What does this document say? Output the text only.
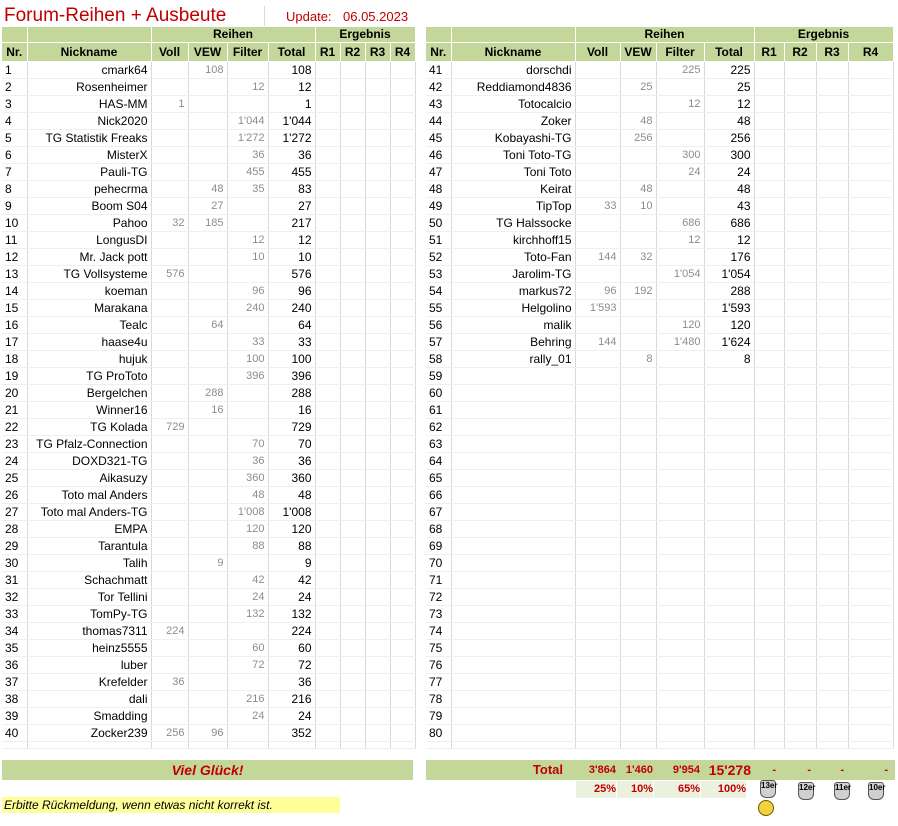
Forum-Reihen + Ausbeute	Update: 06.05.2023
		Reihen				Ergebnis			
Nr.	Nickname	Voll	VEW	Filter	Total	R1	R2	R3	R4
1	cmark64		108		108				
2	Rosenheimer			12	12				
3	HAS-MM	1			1				
4	Nick2020			1'044	1'044				
5	TG Statistik Freaks			1'272	1'272				
6	MisterX			36	36				
7	Pauli-TG			455	455				
8	pehecrma		48	35	83				
9	Boom S04		27		27				
10	Pahoo	32	185		217				
11	LongusDI			12	12				
12	Mr. Jack pott			10	10				
13	TG Vollsysteme	576			576				
14	koeman			96	96				
15	Marakana			240	240				
16	Tealc		64		64				
17	haase4u			33	33				
18	hujuk			100	100				
19	TG ProToto			396	396				
20	Bergelchen		288		288				
21	Winner16		16		16				
22	TG Kolada	729			729				
23	TG Pfalz-Connection			70	70				
24	DOXD321-TG			36	36				
25	Aikasuzy			360	360				
26	Toto mal Anders			48	48				
27	Toto mal Anders-TG			1'008	1'008				
28	EMPA			120	120				
29	Tarantula			88	88				
30	Talih		9		9				
31	Schachmatt			42	42				
32	Tor Tellini			24	24				
33	TomPy-TG			132	132				
34	thomas7311	224			224				
35	heinz5555			60	60				
36	luber			72	72				
37	Krefelder	36			36				
38	dali			216	216				
39	Smadding			24	24				
40	Zocker239	256	96		352				

		Reihen				Ergebnis			
Nr.	Nickname	Voll	VEW	Filter	Total	R1	R2	R3	R4
41	dorschdi			225	225				
42	Reddiamond4836		25		25				
43	Totocalcio			12	12				
44	Zoker		48		48				
45	Kobayashi-TG		256		256				
46	Toni Toto-TG			300	300				
47	Toni Toto			24	24				
48	Keirat		48		48				
49	TipTop	33	10		43				
50	TG Halssocke			686	686				
51	kirchhoff15			12	12				
52	Toto-Fan	144	32		176				
53	Jarolim-TG			1'054	1'054				
54	markus72	96	192		288				
55	Helgolino	1'593			1'593				
56	malik			120	120				
57	Behring	144		1'480	1'624				
58	rally_01		8		8				
59									
60									
61									
62									
63									
64									
65									
66									
67									
68									
69									
70									
71									
72									
73									
74									
75									
76									
77									
78									
79									
80									

Viel Glück!	Total	3'864 1'460	9'954 15'278	-	-	-	-
25%	10%	65%	100%
Erbitte Rückmeldung, wenn etwas nicht korrekt ist.
13er	12er 11er 10er
